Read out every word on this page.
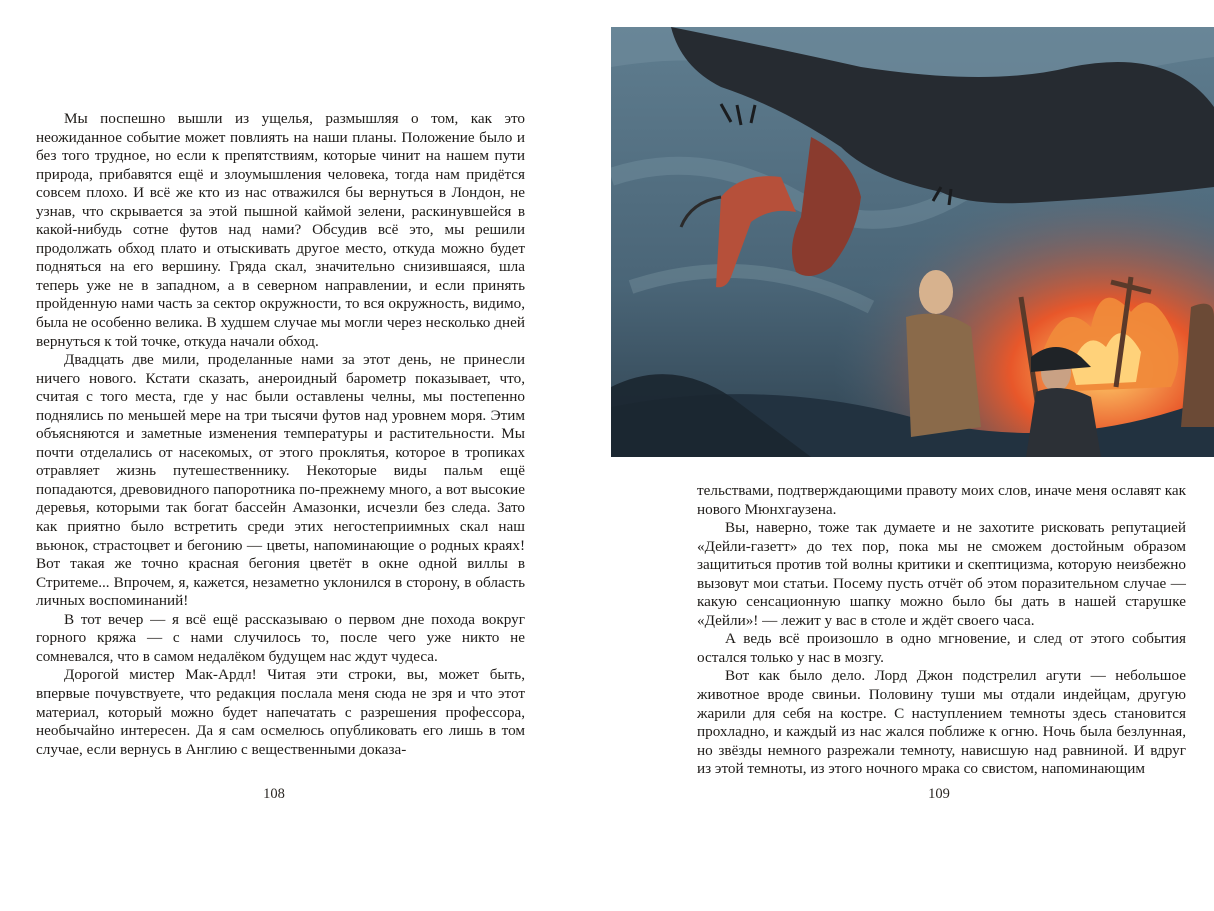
Мы поспешно вышли из ущелья, размышляя о том, как это неожиданное событие может повлиять на наши планы. Положение было и без того трудное, но если к препятствиям, которые чинит на нашем пути природа, прибавятся ещё и злоумышления человека, тогда нам придётся совсем плохо. И всё же кто из нас отважился бы вернуться в Лондон, не узнав, что скрывается за этой пышной каймой зелени, раскинувшейся в какой-нибудь сотне футов над нами? Обсудив всё это, мы решили продолжать обход плато и отыскивать другое место, откуда можно будет подняться на его вершину. Гряда скал, значительно снизившаяся, шла теперь уже не в западном, а в северном направлении, и если принять пройденную нами часть за сектор окружности, то вся окружность, видимо, была не особенно велика. В худшем случае мы могли через несколько дней вернуться к той точке, откуда начали обход.

Двадцать две мили, проделанные нами за этот день, не принесли ничего нового. Кстати сказать, анероидный барометр показывает, что, считая с того места, где у нас были оставлены челны, мы постепенно поднялись по меньшей мере на три тысячи футов над уровнем моря. Этим объясняются и заметные изменения температуры и растительности. Мы почти отделались от насекомых, от этого проклятья, которое в тропиках отравляет жизнь путешественнику. Некоторые виды пальм ещё попадаются, древовидного папоротника по-прежнему много, а вот высокие деревья, которыми так богат бассейн Амазонки, исчезли без следа. Зато как приятно было встретить среди этих негостеприимных скал наш вьюнок, страстоцвет и бегонию — цветы, напоминающие о родных краях! Вот такая же точно красная бегония цветёт в окне одной виллы в Стритеме... Впрочем, я, кажется, незаметно уклонился в сторону, в область личных воспоминаний!

В тот вечер — я всё ещё рассказываю о первом дне похода вокруг горного кряжа — с нами случилось то, после чего уже никто не сомневался, что в самом недалёком будущем нас ждут чудеса.

Дорогой мистер Мак-Ардл! Читая эти строки, вы, может быть, впервые почувствуете, что редакция послала меня сюда не зря и что этот материал, который можно будет напечатать с разрешения профессора, необычайно интересен. Да я сам осмелюсь опубликовать его лишь в том случае, если вернусь в Англию с вещественными доказа-

108

тельствами, подтверждающими правоту моих слов, иначе меня ославят как нового Мюнхгаузена.

Вы, наверно, тоже так думаете и не захотите рисковать репутацией «Дейли-газетт» до тех пор, пока мы не сможем достойным образом защититься против той волны критики и скептицизма, которую неизбежно вызовут мои статьи. Посему пусть отчёт об этом поразительном случае — какую сенсационную шапку можно было бы дать в нашей старушке «Дейли»! — лежит у вас в столе и ждёт своего часа.

А ведь всё произошло в одно мгновение, и след от этого события остался только у нас в мозгу.

Вот как было дело. Лорд Джон подстрелил агути — небольшое животное вроде свиньи. Половину туши мы отдали индейцам, другую жарили для себя на костре. С наступлением темноты здесь становится прохладно, и каждый из нас жался поближе к огню. Ночь была безлунная, но звёзды немного разрежали темноту, нависшую над равниной. И вдруг из этой темноты, из этого ночного мрака со свистом, напоминающим

109
